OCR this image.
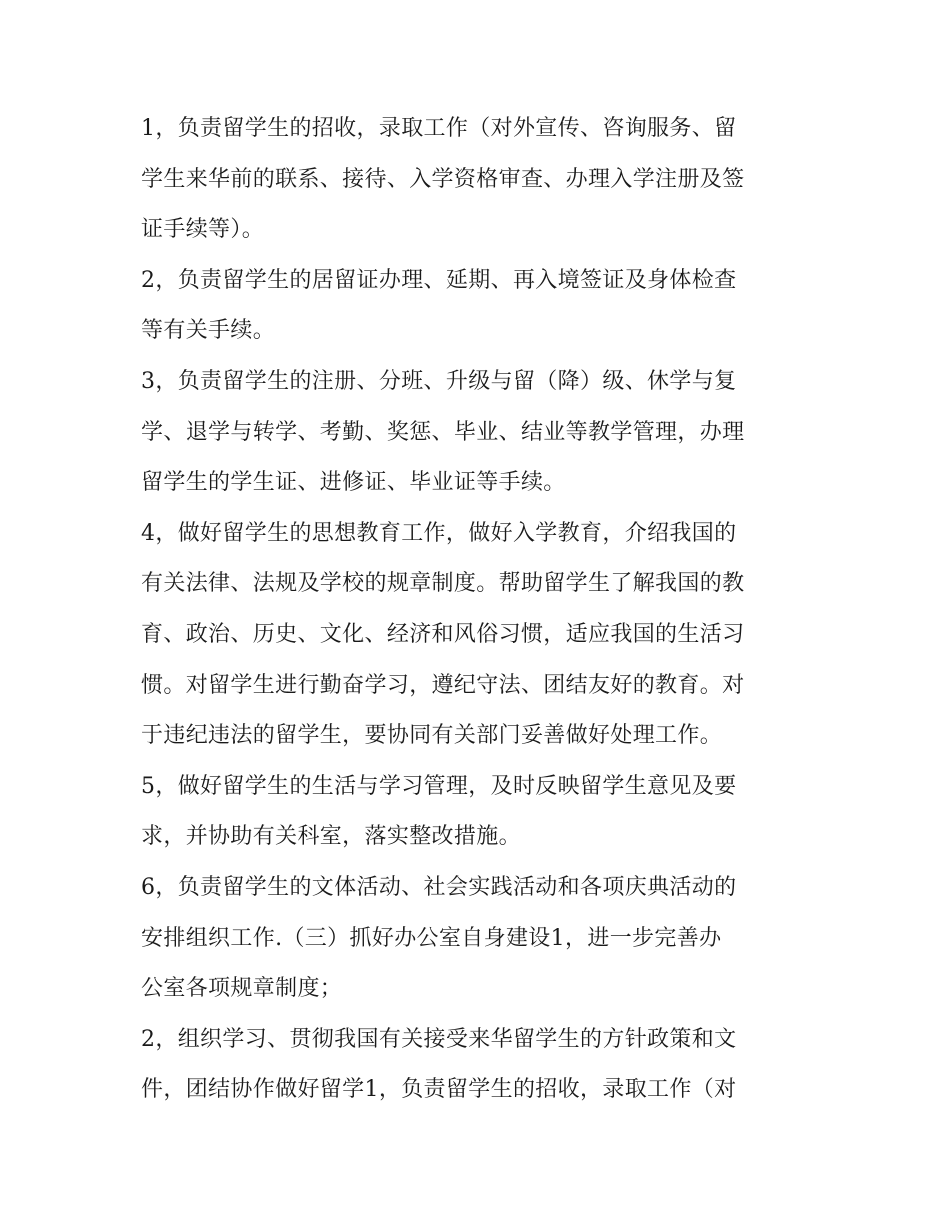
1，负责留学生的招收，录取工作（对外宣传、咨询服务、留
学生来华前的联系、接待、入学资格审查、办理入学注册及签
证手续等）。
2，负责留学生的居留证办理、延期、再入境签证及身体检查
等有关手续。
3，负责留学生的注册、分班、升级与留（降）级、休学与复
学、退学与转学、考勤、奖惩、毕业、结业等教学管理，办理
留学生的学生证、进修证、毕业证等手续。
4，做好留学生的思想教育工作，做好入学教育，介绍我国的
有关法律、法规及学校的规章制度。帮助留学生了解我国的教
育、政治、历史、文化、经济和风俗习惯，适应我国的生活习
惯。对留学生进行勤奋学习，遵纪守法、团结友好的教育。对
于违纪违法的留学生，要协同有关部门妥善做好处理工作。
5，做好留学生的生活与学习管理，及时反映留学生意见及要
求，并协助有关科室，落实整改措施。
6，负责留学生的文体活动、社会实践活动和各项庆典活动的
安排组织工作.（三）抓好办公室自身建设1，进一步完善办
公室各项规章制度；
2，组织学习、贯彻我国有关接受来华留学生的方针政策和文
件，团结协作做好留学1，负责留学生的招收，录取工作（对
